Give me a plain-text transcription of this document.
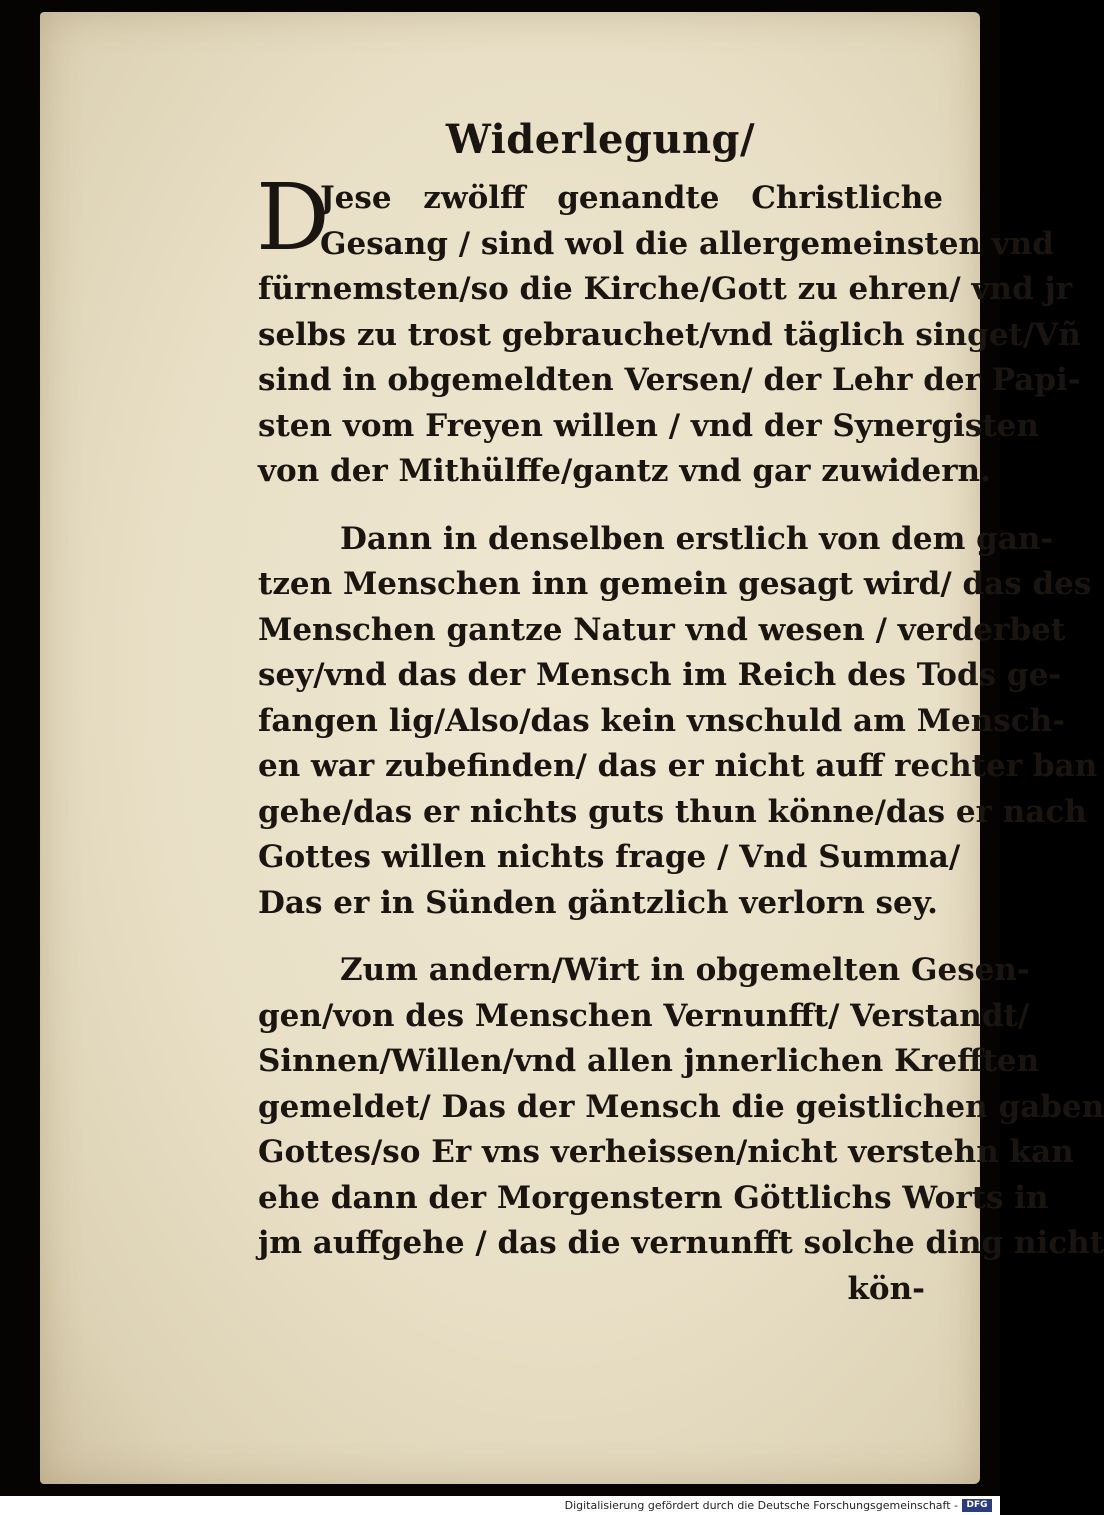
Widerlegung/
D
Jese zwölff genandte Christliche
Gesang / sind wol die allergemeinsten vnd
fürnemsten/so die Kirche/Gott zu ehren/ vnd jr
selbs zu trost gebrauchet/vnd täglich singet/Vñ
sind in obgemeldten Versen/ der Lehr der Papi-
sten vom Freyen willen / vnd der Synergisten
von der Mithülffe/gantz vnd gar zuwidern.
Dann in denselben erstlich von dem gan-
tzen Menschen inn gemein gesagt wird/ das des
Menschen gantze Natur vnd wesen / verderbet
sey/vnd das der Mensch im Reich des Tods ge-
fangen lig/Also/das kein vnschuld am Mensch-
en war zubefinden/ das er nicht auff rechter ban
gehe/das er nichts guts thun könne/das er nach
Gottes willen nichts frage / Vnd Summa/
Das er in Sünden gäntzlich verlorn sey.
Zum andern/Wirt in obgemelten Gesen-
gen/von des Menschen Vernunfft/ Verstandt/
Sinnen/Willen/vnd allen jnnerlichen Krefften
gemeldet/ Das der Mensch die geistlichen gaben
Gottes/so Er vns verheissen/nicht verstehn kan
ehe dann der Morgenstern Göttlichs Worts in
jm auffgehe / das die vernunfft solche ding nicht
kön-
Digitalisierung gefördert durch die Deutsche Forschungsgemeinschaft - DFG
